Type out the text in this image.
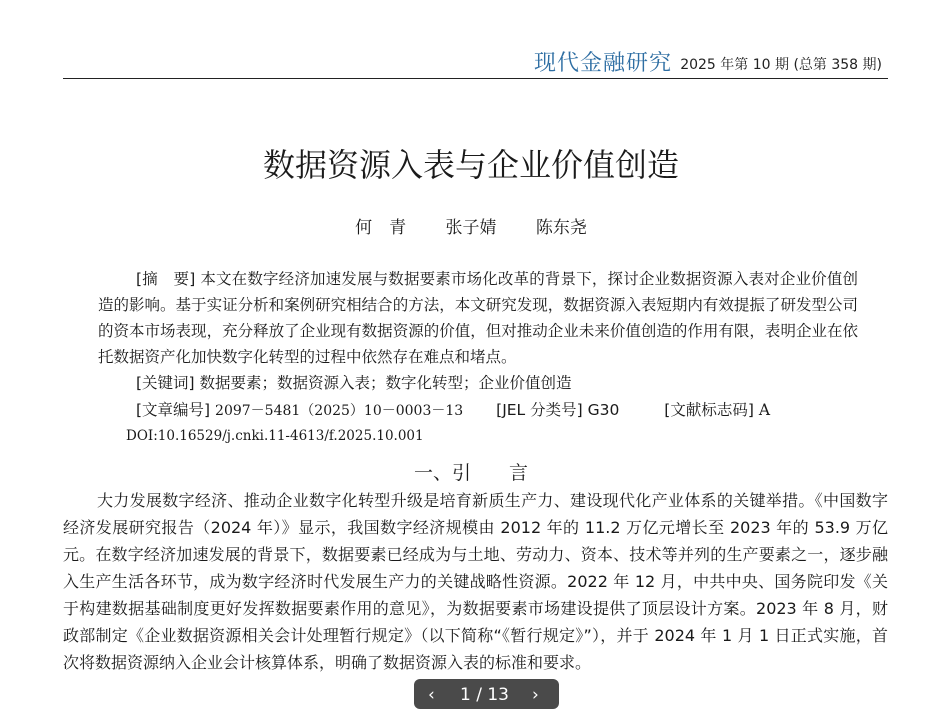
现代金融研究 2025 年第 10 期 (总第 358 期)
数据资源入表与企业价值创造
何　青 张子婧 陈东尧
[摘　要] 本文在数字经济加速发展与数据要素市场化改革的背景下，探讨企业数据资源入表对企业价值创造的影响。基于实证分析和案例研究相结合的方法，本文研究发现，数据资源入表短期内有效提振了研发型公司的资本市场表现，充分释放了企业现有数据资源的价值，但对推动企业未来价值创造的作用有限，表明企业在依托数据资产化加快数字化转型的过程中依然存在难点和堵点。
[关键词] 数据要素；数据资源入表；数字化转型；企业价值创造
[文章编号] 2097－5481（2025）10－0003－13 [JEL 分类号] G30	[文献标志码] A
DOI:10.16529/j.cnki.11-4613/f.2025.10.001
一、引　　言
大力发展数字经济、推动企业数字化转型升级是培育新质生产力、建设现代化产业体系的关键举措。《中国数字经济发展研究报告（2024 年）》显示，我国数字经济规模由 2012 年的 11.2 万亿元增长至 2023 年的 53.9 万亿元。在数字经济加速发展的背景下，数据要素已经成为与土地、劳动力、资本、技术等并列的生产要素之一，逐步融入生产生活各环节，成为数字经济时代发展生产力的关键战略性资源。2022 年 12 月，中共中央、国务院印发《关于构建数据基础制度更好发挥数据要素作用的意见》，为数据要素市场建设提供了顶层设计方案。2023 年 8 月，财政部制定《企业数据资源相关会计处理暂行规定》（以下简称“《暂行规定》”），并于 2024 年 1 月 1 日正式实施，首次将数据资源纳入企业会计核算体系，明确了数据资源入表的标准和要求。
‹ 1 / 13 ›
